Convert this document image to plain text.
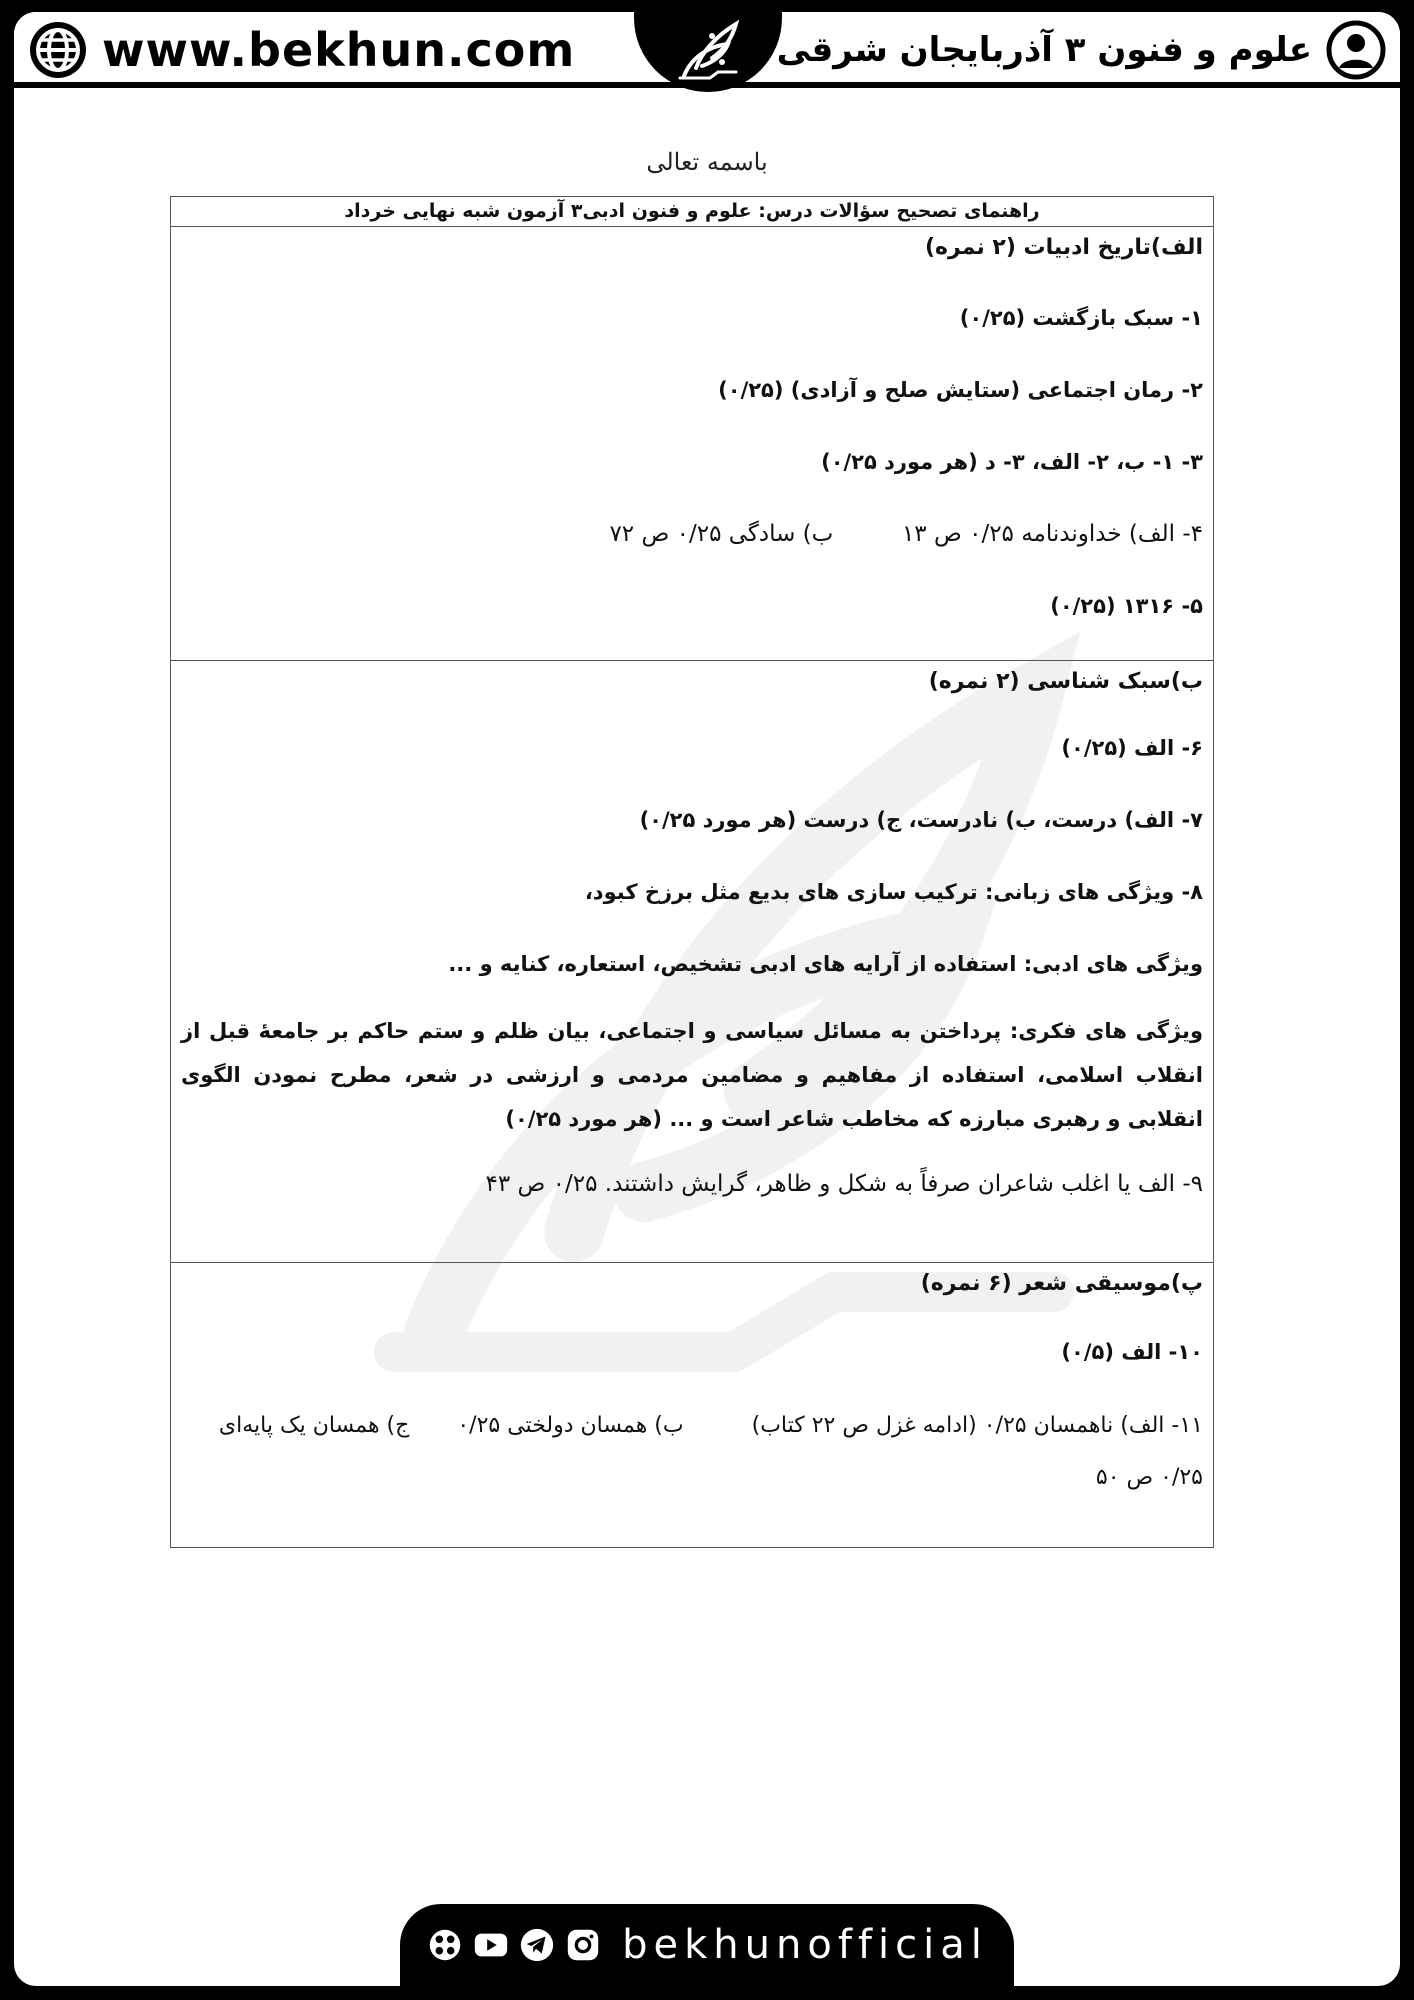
www.bekhun.com	علوم و فنون ۳ آذربایجان شرقی
باسمه تعالی
راهنمای تصحیح سؤالات درس: علوم و فنون ادبی۳ آزمون شبه نهایی خرداد
الف)تاریخ ادبیات (۲ نمره)
۱- سبک بازگشت (۰/۲۵)
۲- رمان اجتماعی (ستایش صلح و آزادی) (۰/۲۵)
۳- ۱- ب، ۲- الف، ۳- د (هر مورد ۰/۲۵)
۴- الف) خداوندنامه ۰/۲۵ ص ۱۳  ب) سادگی ۰/۲۵ ص ۷۲
۵- ۱۳۱۶ (۰/۲۵)
ب)سبک شناسی (۲ نمره)
۶- الف (۰/۲۵)
۷- الف) درست، ب) نادرست، ج) درست (هر مورد ۰/۲۵)
۸- ویژگی های زبانی: ترکیب سازی های بدیع مثل برزخ کبود،
ویژگی های ادبی: استفاده از آرایه های ادبی تشخیص، استعاره، کنایه و ...
ویژگی های فکری: پرداختن به مسائل سیاسی و اجتماعی، بیان ظلم و ستم حاکم بر جامعۀ قبل از انقلاب اسلامی، استفاده از مفاهیم و مضامین مردمی و ارزشی در شعر، مطرح نمودن الگوی انقلابی و رهبری مبارزه که مخاطب شاعر است و ... (هر مورد ۰/۲۵)
۹- الف یا اغلب شاعران صرفاً به شکل و ظاهر، گرایش داشتند. ۰/۲۵ ص ۴۳
پ)موسیقی شعر (۶ نمره)
۱۰- الف (۰/۵)
۱۱- الف) ناهمسان ۰/۲۵ (ادامه غزل ص ۲۲ کتاب)  ب) همسان دولختی ۰/۲۵  ج) همسان یک پایه‌ای
۰/۲۵ ص ۵۰
bekhunofficial
